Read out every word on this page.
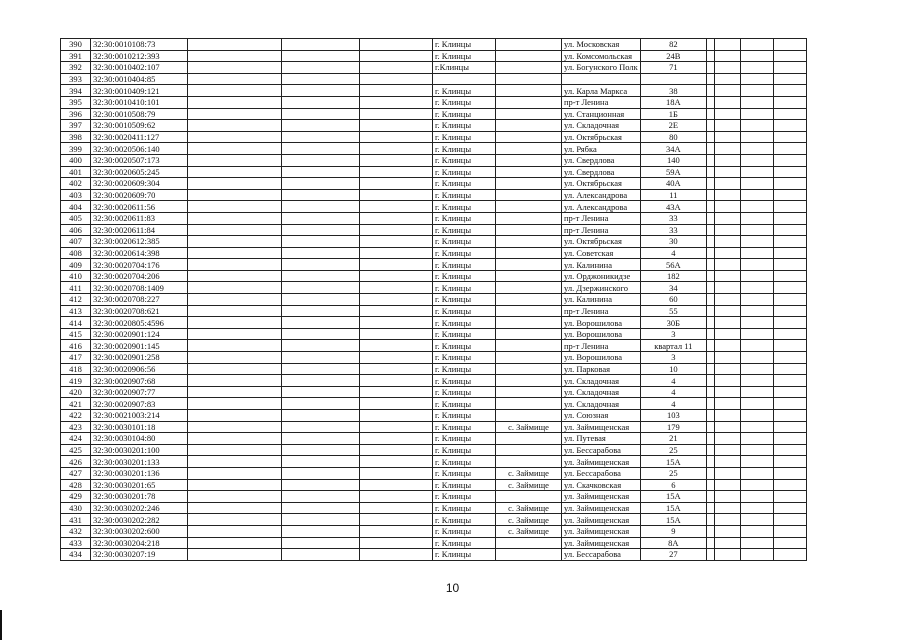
390	32:30:0010108:73				г. Клинцы		ул. Московская	82				
391	32:30:0010212:393				г. Клинцы		ул. Комсомольская	24В				
392	32:30:0010402:107				г.Клинцы		ул. Богунского Полк	71				
393	32:30:0010404:85											
394	32:30:0010409:121				г. Клинцы		ул. Карла Маркса	38				
395	32:30:0010410:101				г. Клинцы		пр-т Ленина	18А				
396	32:30:0010508:79				г. Клинцы		ул. Станционная	1Б				
397	32:30:0010509:62				г. Клинцы		ул. Складочная	2Е				
398	32:30:0020411:127				г. Клинцы		ул. Октябрьская	80				
399	32:30:0020506:140				г. Клинцы		ул. Рябка	34А				
400	32:30:0020507:173				г. Клинцы		ул. Свердлова	140				
401	32:30:0020605:245				г. Клинцы		ул. Свердлова	59А				
402	32:30:0020609:304				г. Клинцы		ул. Октябрьская	40А				
403	32:30:0020609:70				г. Клинцы		ул. Александрова	11				
404	32:30:0020611:56				г. Клинцы		ул. Александрова	43А				
405	32:30:0020611:83				г. Клинцы		пр-т Ленина	33				
406	32:30:0020611:84				г. Клинцы		пр-т Ленина	33				
407	32:30:0020612:385				г. Клинцы		ул. Октябрьская	30				
408	32:30:0020614:398				г. Клинцы		ул. Советская	4				
409	32:30:0020704:176				г. Клинцы		ул. Калинина	56А				
410	32:30:0020704:206				г. Клинцы		ул. Орджоникидзе	182				
411	32:30:0020708:1409				г. Клинцы		ул. Дзержинского	34				
412	32:30:0020708:227				г. Клинцы		ул. Калинина	60				
413	32:30:0020708:621				г. Клинцы		пр-т Ленина	55				
414	32:30:0020805:4596				г. Клинцы		ул. Ворошилова	30Б				
415	32:30:0020901:124				г. Клинцы		ул. Ворошилова	3				
416	32:30:0020901:145				г. Клинцы		пр-т Ленина	квартал 11				
417	32:30:0020901:258				г. Клинцы		ул. Ворошилова	3				
418	32:30:0020906:56				г. Клинцы		ул. Парковая	10				
419	32:30:0020907:68				г. Клинцы		ул. Складочная	4				
420	32:30:0020907:77				г. Клинцы		ул. Складочная	4				
421	32:30:0020907:83				г. Клинцы		ул. Складочная	4				
422	32:30:0021003:214				г. Клинцы		ул. Союзная	103				
423	32:30:0030101:18				г. Клинцы	с. Займище	ул. Займищенская	179				
424	32:30:0030104:80				г. Клинцы		ул. Путевая	21				
425	32:30:0030201:100				г. Клинцы		ул. Бессарабова	25				
426	32:30:0030201:133				г. Клинцы		ул. Займищенская	15А				
427	32:30:0030201:136				г. Клинцы	с. Займище	ул. Бессарабова	25				
428	32:30:0030201:65				г. Клинцы	с. Займище	ул. Скачковская	6				
429	32:30:0030201:78				г. Клинцы		ул. Займищенская	15А				
430	32:30:0030202:246				г. Клинцы	с. Займище	ул. Займищенская	15А				
431	32:30:0030202:282				г. Клинцы	с. Займище	ул. Займищенская	15А				
432	32:30:0030202:600				г. Клинцы	с. Займище	ул. Займищенская	9				
433	32:30:0030204:218				г. Клинцы		ул. Займищенская	8А				
434	32:30:0030207:19				г. Клинцы		ул. Бессарабова	27				
10
